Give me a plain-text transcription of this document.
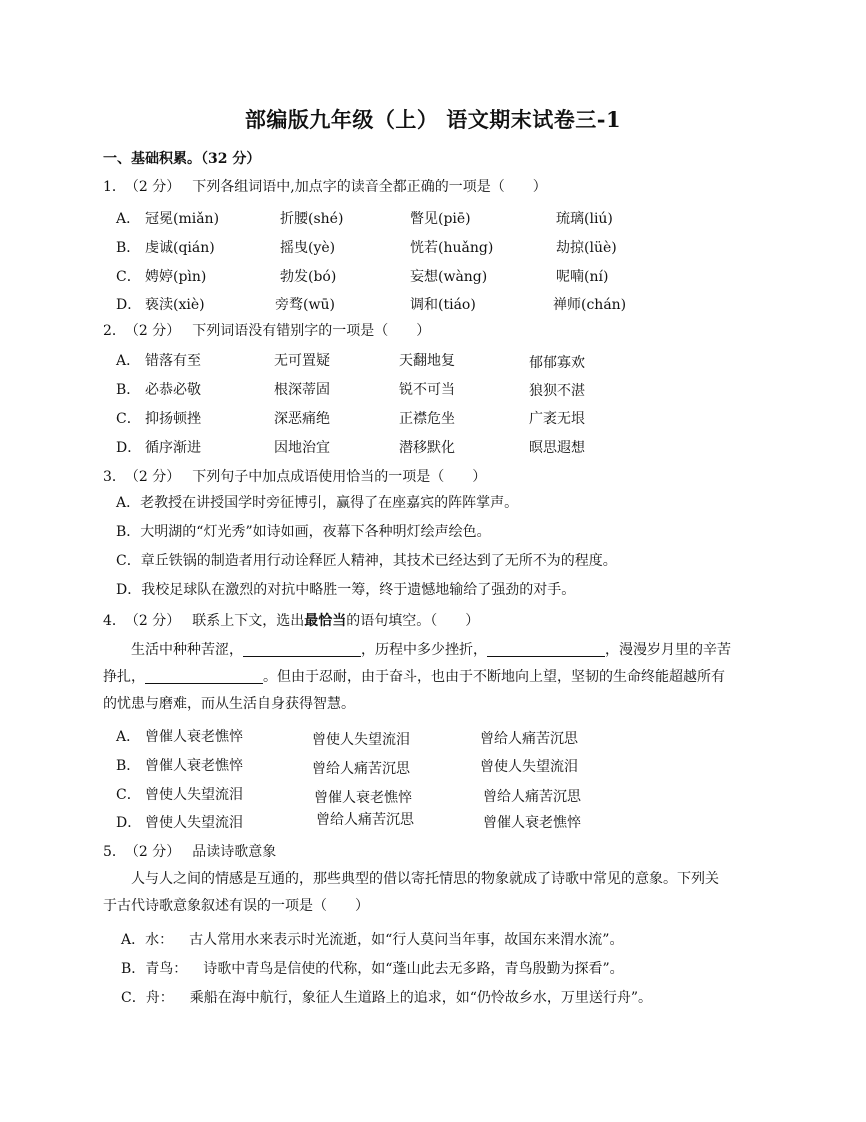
部编版九年级（上） 语文期末试卷三-1
一、基础积累。（32 分）
1． （2 分） 下列各组词语中,加点字的读音全都正确的一项是（　　）
A． 冠冕(miǎn)	折腰(shé)	瞥见(piē)	琉璃(liú)
B． 虔诚(qián)	摇曳(yè)	恍若(huǎng)	劫掠(lüè)
C． 娉婷(pìn)	勃发(bó)	妄想(wàng)	呢喃(ní)
D． 亵渎(xiè)	旁骛(wū)	调和(tiáo)	禅师(chán)
2． （2 分） 下列词语没有错别字的一项是（　　）
A． 错落有至	无可置疑	天翻地复	郁郁寡欢
B． 必恭必敬	根深蒂固	锐不可当	狼狈不湛
C． 抑扬顿挫	深恶痛绝	正襟危坐	广袤无垠
D． 循序渐进	因地治宜	潜移默化	暝思遐想
3． （2 分） 下列句子中加点成语使用恰当的一项是（　　）
A．老教授在讲授国学时旁征博引，赢得了在座嘉宾的阵阵掌声。
B．大明湖的“灯光秀”如诗如画，夜幕下各种明灯绘声绘色。
C．章丘铁锅的制造者用行动诠释匠人精神，其技术已经达到了无所不为的程度。
D．我校足球队在激烈的对抗中略胜一筹，终于遗憾地输给了强劲的对手。
4． （2 分） 联系上下文，选出最恰当的语句填空。（　　）
生活中种种苦涩，	，历程中多少挫折，	，漫漫岁月里的辛苦
挣扎，	。但由于忍耐，由于奋斗，也由于不断地向上望，坚韧的生命终能超越所有
的忧患与磨难，而从生活自身获得智慧。
A． 曾催人衰老憔悴	曾使人失望流泪	曾给人痛苦沉思
B． 曾催人衰老憔悴	曾给人痛苦沉思	曾使人失望流泪
C． 曾使人失望流泪	曾催人衰老憔悴	曾给人痛苦沉思
D． 曾使人失望流泪	曾给人痛苦沉思	曾催人衰老憔悴
5． （2 分） 品读诗歌意象
人与人之间的情感是互通的，那些典型的借以寄托情思的物象就成了诗歌中常见的意象。下列关
于古代诗歌意象叙述有误的一项是（　　）
A．水： 古人常用水来表示时光流逝，如“行人莫问当年事，故国东来渭水流”。
B．青鸟： 诗歌中青鸟是信使的代称，如“蓬山此去无多路，青鸟殷勤为探看”。
C．舟： 乘船在海中航行，象征人生道路上的追求，如“仍怜故乡水，万里送行舟”。
